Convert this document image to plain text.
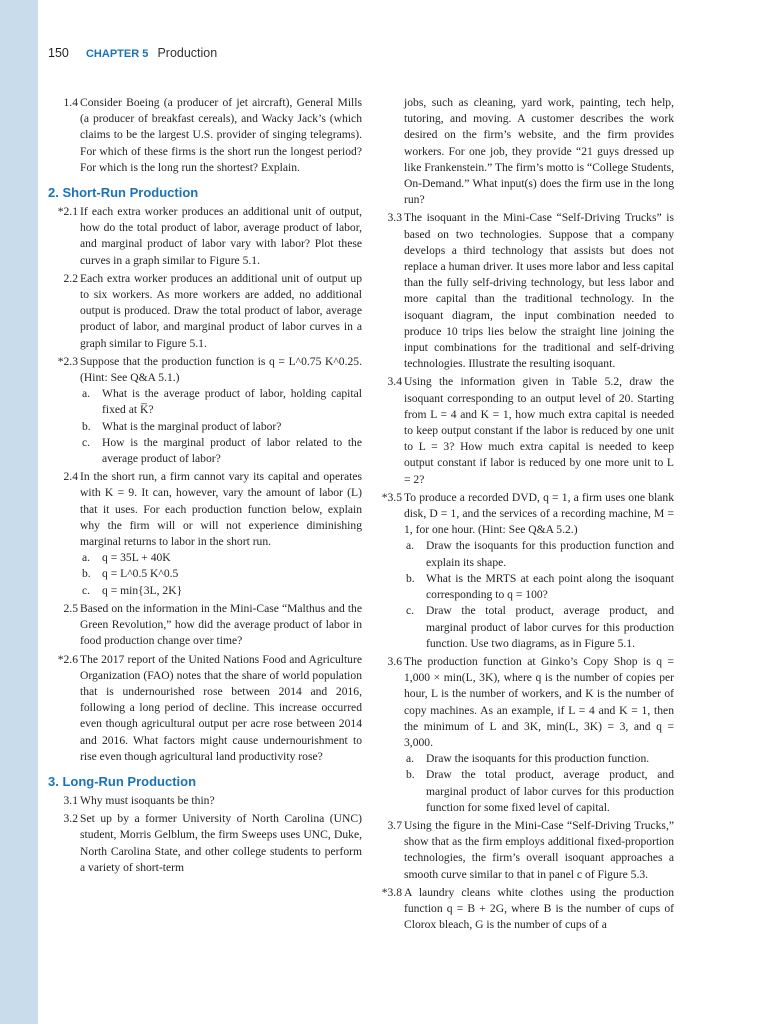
150 CHAPTER 5 Production
1.4 Consider Boeing (a producer of jet aircraft), General Mills (a producer of breakfast cereals), and Wacky Jack’s (which claims to be the largest U.S. provider of singing telegrams). For which of these firms is the short run the longest period? For which is the long run the shortest? Explain.
2. Short-Run Production
*2.1 If each extra worker produces an additional unit of output, how do the total product of labor, average product of labor, and marginal product of labor vary with labor? Plot these curves in a graph similar to Figure 5.1.
2.2 Each extra worker produces an additional unit of output up to six workers. As more workers are added, no additional output is produced. Draw the total product of labor, average product of labor, and marginal product of labor curves in a graph similar to Figure 5.1.
*2.3 Suppose that the production function is q = L^0.75 K^0.25. (Hint: See Q&A 5.1.)
a. What is the average product of labor, holding capital fixed at K̅?
b. What is the marginal product of labor?
c. How is the marginal product of labor related to the average product of labor?
2.4 In the short run, a firm cannot vary its capital and operates with K = 9. It can, however, vary the amount of labor (L) that it uses. For each production function below, explain why the firm will or will not experience diminishing marginal returns to labor in the short run.
a. q = 35L + 40K
b. q = L^0.5 K^0.5
c. q = min{3L, 2K}
2.5 Based on the information in the Mini-Case “Malthus and the Green Revolution,” how did the average product of labor in food production change over time?
*2.6 The 2017 report of the United Nations Food and Agriculture Organization (FAO) notes that the share of world population that is undernourished rose between 2014 and 2016, following a long period of decline. This increase occurred even though agricultural output per acre rose between 2014 and 2016. What factors might cause undernourishment to rise even though agricultural land productivity rose?
3. Long-Run Production
3.1 Why must isoquants be thin?
3.2 Set up by a former University of North Carolina (UNC) student, Morris Gelblum, the firm Sweeps uses UNC, Duke, North Carolina State, and other college students to perform a variety of short-term
jobs, such as cleaning, yard work, painting, tech help, tutoring, and moving. A customer describes the work desired on the firm’s website, and the firm provides workers. For one job, they provide “21 guys dressed up like Frankenstein.” The firm’s motto is “College Students, On-Demand.” What input(s) does the firm use in the long run?
3.3 The isoquant in the Mini-Case “Self-Driving Trucks” is based on two technologies. Suppose that a company develops a third technology that assists but does not replace a human driver. It uses more labor and less capital than the fully self-driving technology, but less labor and more capital than the traditional technology. In the isoquant diagram, the input combination needed to produce 10 trips lies below the straight line joining the input combinations for the traditional and self-driving technologies. Illustrate the resulting isoquant.
3.4 Using the information given in Table 5.2, draw the isoquant corresponding to an output level of 20. Starting from L = 4 and K = 1, how much extra capital is needed to keep output constant if the labor is reduced by one unit to L = 3? How much extra capital is needed to keep output constant if labor is reduced by one more unit to L = 2?
*3.5 To produce a recorded DVD, q = 1, a firm uses one blank disk, D = 1, and the services of a recording machine, M = 1, for one hour. (Hint: See Q&A 5.2.)
a. Draw the isoquants for this production function and explain its shape.
b. What is the MRTS at each point along the isoquant corresponding to q = 100?
c. Draw the total product, average product, and marginal product of labor curves for this production function. Use two diagrams, as in Figure 5.1.
3.6 The production function at Ginko’s Copy Shop is q = 1,000 × min(L, 3K), where q is the number of copies per hour, L is the number of workers, and K is the number of copy machines. As an example, if L = 4 and K = 1, then the minimum of L and 3K, min(L, 3K) = 3, and q = 3,000.
a. Draw the isoquants for this production function.
b. Draw the total product, average product, and marginal product of labor curves for this production function for some fixed level of capital.
3.7 Using the figure in the Mini-Case “Self-Driving Trucks,” show that as the firm employs additional fixed-proportion technologies, the firm’s overall isoquant approaches a smooth curve similar to that in panel c of Figure 5.3.
*3.8 A laundry cleans white clothes using the production function q = B + 2G, where B is the number of cups of Clorox bleach, G is the number of cups of a
